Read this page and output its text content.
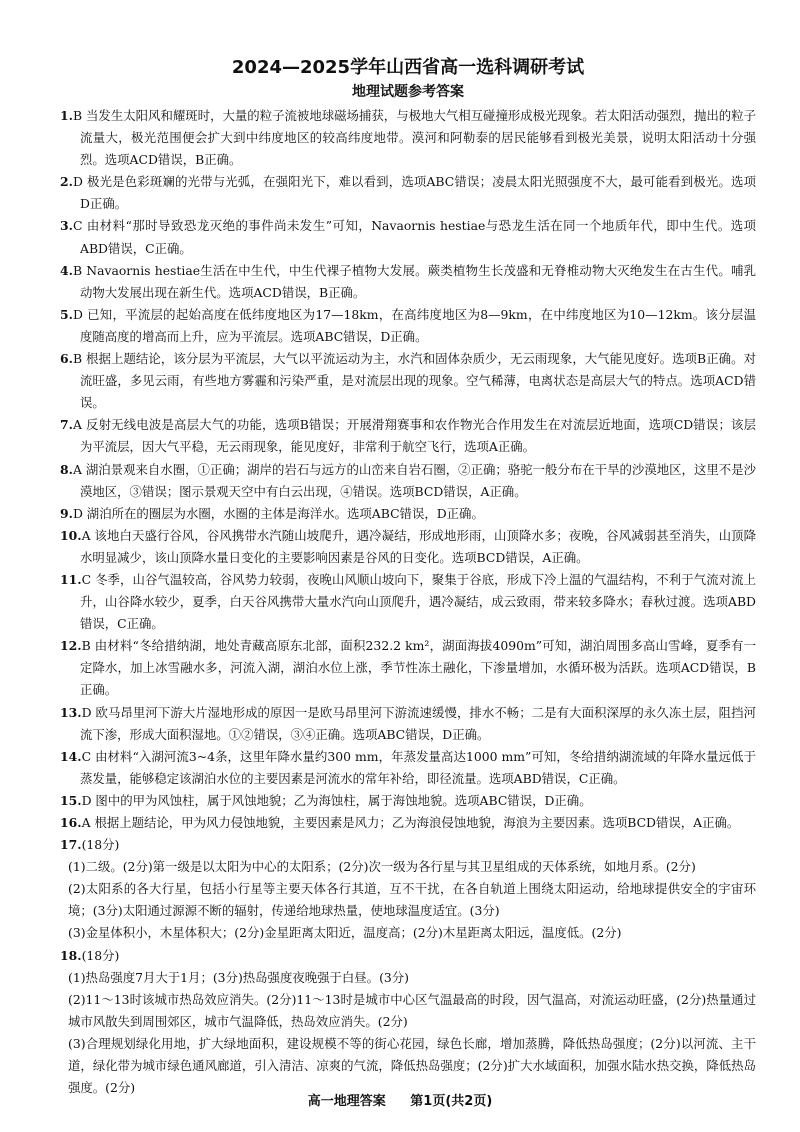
2024—2025学年山西省高一选科调研考试
地理试题参考答案

1.B 当发生太阳风和耀斑时，大量的粒子流被地球磁场捕获，与极地大气相互碰撞形成极光现象。若太阳活动强烈，抛出的粒子流量大，极光范围便会扩大到中纬度地区的较高纬度地带。漠河和阿勒泰的居民能够看到极光美景，说明太阳活动十分强烈。选项ACD错误，B正确。

2.D 极光是色彩斑斓的光带与光弧，在强阳光下，难以看到，选项ABC错误；凌晨太阳光照强度不大，最可能看到极光。选项D正确。

3.C 由材料“那时导致恐龙灭绝的事件尚未发生”可知，Navaornis hestiae与恐龙生活在同一个地质年代，即中生代。选项ABD错误，C正确。

4.B Navaornis hestiae生活在中生代，中生代裸子植物大发展。蕨类植物生长茂盛和无脊椎动物大灭绝发生在古生代。哺乳动物大发展出现在新生代。选项ACD错误，B正确。

5.D 已知，平流层的起始高度在低纬度地区为17—18km，在高纬度地区为8—9km，在中纬度地区为10—12km。该分层温度随高度的增高而上升，应为平流层。选项ABC错误，D正确。

6.B 根据上题结论，该分层为平流层，大气以平流运动为主，水汽和固体杂质少，无云雨现象，大气能见度好。选项B正确。对流旺盛，多见云雨，有些地方雾霾和污染严重，是对流层出现的现象。空气稀薄，电离状态是高层大气的特点。选项ACD错误。

7.A 反射无线电波是高层大气的功能，选项B错误；开展滑翔赛事和农作物光合作用发生在对流层近地面，选项CD错误；该层为平流层，因大气平稳，无云雨现象，能见度好，非常利于航空飞行，选项A正确。

8.A 湖泊景观来自水圈，①正确；湖岸的岩石与远方的山峦来自岩石圈，②正确；骆驼一般分布在干旱的沙漠地区，这里不是沙漠地区，③错误；图示景观天空中有白云出现，④错误。选项BCD错误，A正确。

9.D 湖泊所在的圈层为水圈，水圈的主体是海洋水。选项ABC错误，D正确。

10.A 该地白天盛行谷风，谷风携带水汽随山坡爬升，遇冷凝结，形成地形雨，山顶降水多；夜晚，谷风减弱甚至消失，山顶降水明显减少，该山顶降水量日变化的主要影响因素是谷风的日变化。选项BCD错误，A正确。

11.C 冬季，山谷气温较高，谷风势力较弱，夜晚山风顺山坡向下，聚集于谷底，形成下冷上温的气温结构，不利于气流对流上升，山谷降水较少，夏季，白天谷风携带大量水汽向山顶爬升，遇冷凝结，成云致雨，带来较多降水；春秋过渡。选项ABD错误，C正确。

12.B 由材料“冬给措纳湖，地处青藏高原东北部，面积232.2 km²，湖面海拔4090m”可知，湖泊周围多高山雪峰，夏季有一定降水，加上冰雪融水多，河流入湖，湖泊水位上涨，季节性冻土融化，下渗量增加，水循环极为活跃。选项ACD错误，B正确。

13.D 欧马昂里河下游大片湿地形成的原因一是欧马昂里河下游流速缓慢，排水不畅；二是有大面积深厚的永久冻土层，阻挡河流下渗，形成大面积湿地。①②错误，③④正确。选项ABC错误，D正确。

14.C 由材料“入湖河流3~4条，这里年降水量约300 mm，年蒸发量高达1000 mm”可知，冬给措纳湖流域的年降水量远低于蒸发量，能够稳定该湖泊水位的主要因素是河流水的常年补给，即径流量。选项ABD错误，C正确。

15.D 图中的甲为风蚀柱，属于风蚀地貌；乙为海蚀柱，属于海蚀地貌。选项ABC错误，D正确。

16.A 根据上题结论，甲为风力侵蚀地貌，主要因素是风力；乙为海浪侵蚀地貌，海浪为主要因素。选项BCD错误，A正确。

17.(18分)

(1)二级。(2分)第一级是以太阳为中心的太阳系；(2分)次一级为各行星与其卫星组成的天体系统，如地月系。(2分)

(2)太阳系的各大行星，包括小行星等主要天体各行其道，互不干扰，在各自轨道上围绕太阳运动，给地球提供安全的宇宙环境；(3分)太阳通过源源不断的辐射，传递给地球热量，使地球温度适宜。(3分)

(3)金星体积小，木星体积大；(2分)金星距离太阳近，温度高；(2分)木星距离太阳远，温度低。(2分)

18.(18分)

(1)热岛强度7月大于1月；(3分)热岛强度夜晚强于白昼。(3分)

(2)11～13时该城市热岛效应消失。(2分)11～13时是城市中心区气温最高的时段，因气温高，对流运动旺盛，(2分)热量通过城市风散失到周围郊区，城市气温降低，热岛效应消失。(2分)

(3)合理规划绿化用地，扩大绿地面积，建设规模不等的街心花园，绿色长廊，增加蒸腾，降低热岛强度；(2分)以河流、主干道，绿化带为城市绿色通风廊道，引入清洁、凉爽的气流，降低热岛强度；(2分)扩大水域面积，加强水陆水热交换，降低热岛强度。(2分)

高一地理答案 第1页(共2页)
